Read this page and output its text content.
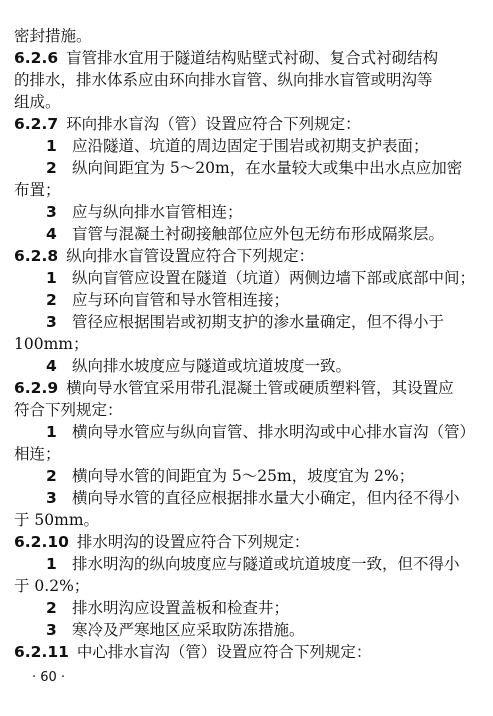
密封措施。
6.2.6 盲管排水宜用于隧道结构贴壁式衬砌、复合式衬砌结构
的排水，排水体系应由环向排水盲管、纵向排水盲管或明沟等
组成。
6.2.7 环向排水盲沟（管）设置应符合下列规定：
1 应沿隧道、坑道的周边固定于围岩或初期支护表面；
2 纵向间距宜为 5～20m，在水量较大或集中出水点应加密
布置；
3 应与纵向排水盲管相连；
4 盲管与混凝土衬砌接触部位应外包无纺布形成隔浆层。
6.2.8 纵向排水盲管设置应符合下列规定：
1 纵向盲管应设置在隧道（坑道）两侧边墙下部或底部中间；
2 应与环向盲管和导水管相连接；
3 管径应根据围岩或初期支护的渗水量确定，但不得小于
100mm；
4 纵向排水坡度应与隧道或坑道坡度一致。
6.2.9 横向导水管宜采用带孔混凝土管或硬质塑料管，其设置应
符合下列规定：
1 横向导水管应与纵向盲管、排水明沟或中心排水盲沟（管）
相连；
2 横向导水管的间距宜为 5～25m，坡度宜为 2%；
3 横向导水管的直径应根据排水量大小确定，但内径不得小
于 50mm。
6.2.10 排水明沟的设置应符合下列规定：
1 排水明沟的纵向坡度应与隧道或坑道坡度一致，但不得小
于 0.2%；
2 排水明沟应设置盖板和检查井；
3 寒冷及严寒地区应采取防冻措施。
6.2.11 中心排水盲沟（管）设置应符合下列规定：
· 60 ·
